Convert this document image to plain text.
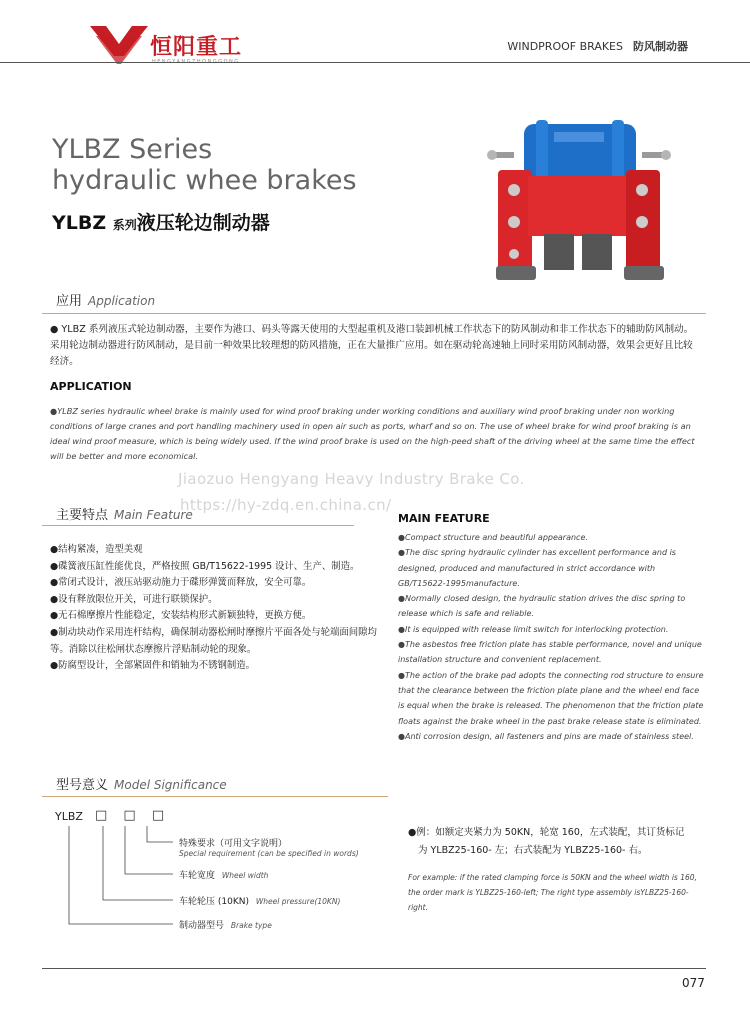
恒阳重工	WINDPROOF BRAKES 防风制动器
YLBZ Series
hydraulic whee brakes
YLBZ 系列液压轮边制动器
应用 Application
● YLBZ 系列液压式轮边制动器，主要作为港口、码头等露天使用的大型起重机及港口装卸机械工作状态下的防风制动和非工作状态下的辅助防风制动。采用轮边制动器进行防风制动，是目前一种效果比较理想的防风措施，正在大量推广应用。如在驱动轮高速轴上同时采用防风制动器，效果会更好且比较经济。
APPLICATION
●YLBZ series hydraulic wheel brake is mainly used for wind proof braking under working conditions and auxiliary wind proof braking under non working conditions of large cranes and port handling machinery used in open air such as ports, wharf and so on. The use of wheel brake for wind proof braking is an ideal wind proof measure, which is being widely used. If the wind proof brake is used on the high-peed shaft of the driving wheel at the same time the effect will be better and more economical.
Jiaozuo Hengyang Heavy Industry Brake Co.
https://hy-zdq.en.china.cn/
主要特点 Main Feature
●结构紧凑，造型美观
●碟簧液压缸性能优良，严格按照 GB/T15622-1995 设计、生产、制造。
●常闭式设计，液压站驱动施力于碟形弹簧而释放，安全可靠。
●设有释放限位开关，可进行联锁保护。
●无石棉摩擦片性能稳定，安装结构形式新颖独特，更换方便。
●制动块动作采用连杆结构，确保制动器松闸时摩擦片平面各处与轮端面间隙均等。消除以往松闸状态摩擦片浮贴制动轮的现象。
●防腐型设计，全部紧固件和销轴为不锈钢制造。
MAIN FEATURE
●Compact structure and beautiful appearance.
●The disc spring hydraulic cylinder has excellent performance and is designed, produced and manufactured in strict accordance with GB/T15622-1995manufacture.
●Normally closed design, the hydraulic station drives the disc spring to release which is safe and reliable.
●It is equipped with release limit switch for interlocking protection.
●The asbestos free friction plate has stable performance, novel and unique installation structure and convenient replacement.
●The action of the brake pad adopts the connecting rod structure to ensure that the clearance between the friction plate plane and the wheel end face is equal when the brake is released. The phenomenon that the friction plate floats against the brake wheel in the past brake release state is eliminated.
●Anti corrosion design, all fasteners and pins are made of stainless steel.
型号意义 Model Significance
YLBZ □ □ □
特殊要求（可用文字说明）
Special requirement (can be specified in words)
车轮宽度 Wheel width
车轮轮压 (10KN) Wheel pressure(10KN)
制动器型号 Brake type
●例：如额定夹紧力为 50KN，轮宽 160，左式装配，其订货标记
为 YLBZ25-160- 左；右式装配为 YLBZ25-160- 右。
For example: if the rated clamping force is 50KN and the wheel width is 160, the order mark is YLBZ25-160-left; The right type assembly isYLBZ25-160-right.
077
